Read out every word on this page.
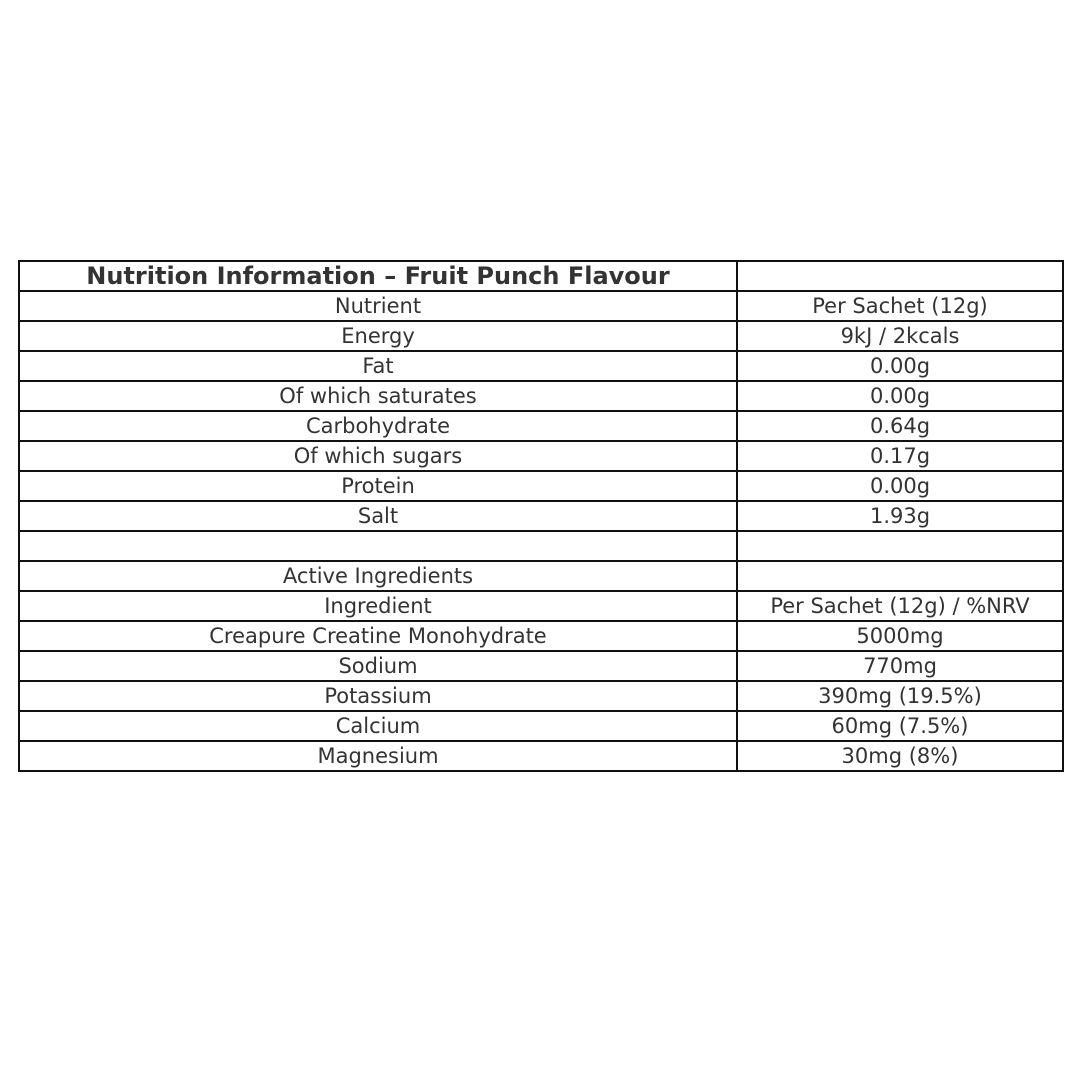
Nutrition Information – Fruit Punch Flavour	
Nutrient	Per Sachet (12g)
Energy	9kJ / 2kcals
Fat	0.00g
Of which saturates	0.00g
Carbohydrate	0.64g
Of which sugars	0.17g
Protein	0.00g
Salt	1.93g

Active Ingredients	
Ingredient	Per Sachet (12g) / %NRV
Creapure Creatine Monohydrate	5000mg
Sodium	770mg
Potassium	390mg (19.5%)
Calcium	60mg (7.5%)
Magnesium	30mg (8%)
